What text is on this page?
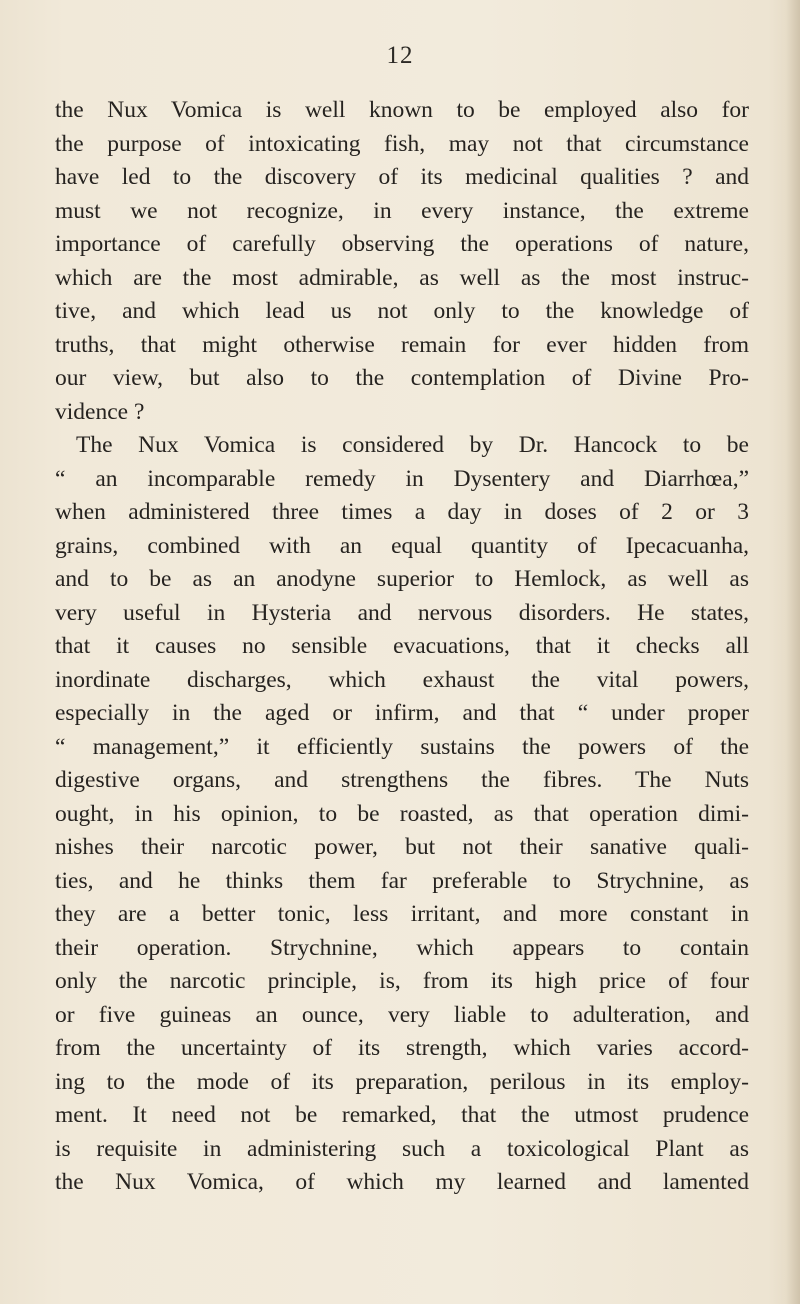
12
the Nux Vomica is well known to be employed also for
the purpose of intoxicating fish, may not that circumstance
have led to the discovery of its medicinal qualities ? and
must we not recognize, in every instance, the extreme
importance of carefully observing the operations of nature,
which are the most admirable, as well as the most instruc-
tive, and which lead us not only to the knowledge of
truths, that might otherwise remain for ever hidden from
our view, but also to the contemplation of Divine Pro-
vidence ?
The Nux Vomica is considered by Dr. Hancock to be
“ an incomparable remedy in Dysentery and Diarrhœa,”
when administered three times a day in doses of 2 or 3
grains, combined with an equal quantity of Ipecacuanha,
and to be as an anodyne superior to Hemlock, as well as
very useful in Hysteria and nervous disorders. He states,
that it causes no sensible evacuations, that it checks all
inordinate discharges, which exhaust the vital powers,
especially in the aged or infirm, and that “ under proper
“ management,” it efficiently sustains the powers of the
digestive organs, and strengthens the fibres. The Nuts
ought, in his opinion, to be roasted, as that operation dimi-
nishes their narcotic power, but not their sanative quali-
ties, and he thinks them far preferable to Strychnine, as
they are a better tonic, less irritant, and more constant in
their operation. Strychnine, which appears to contain
only the narcotic principle, is, from its high price of four
or five guineas an ounce, very liable to adulteration, and
from the uncertainty of its strength, which varies accord-
ing to the mode of its preparation, perilous in its employ-
ment. It need not be remarked, that the utmost prudence
is requisite in administering such a toxicological Plant as
the Nux Vomica, of which my learned and lamented
